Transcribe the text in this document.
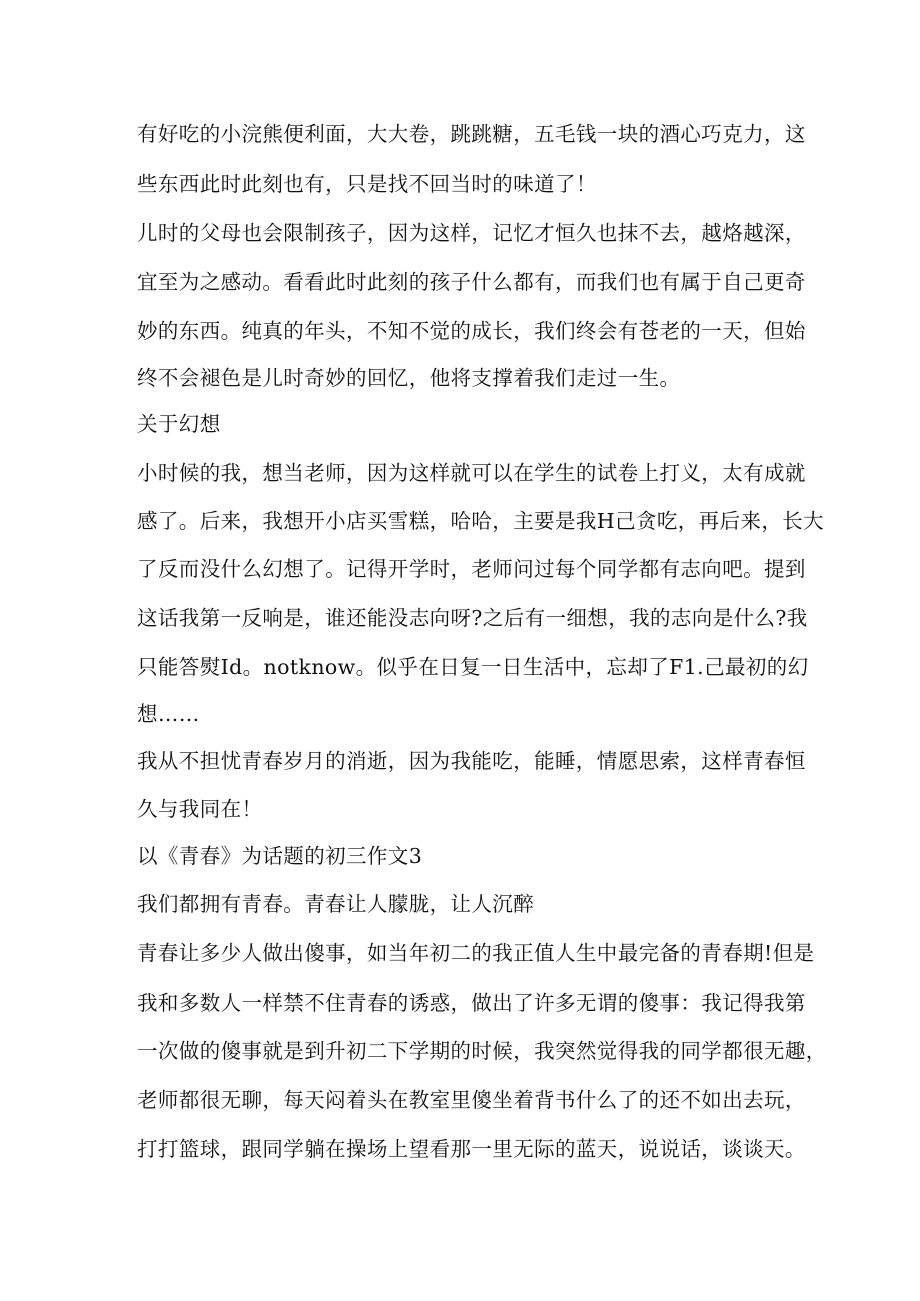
有好吃的小浣熊便利面，大大卷，跳跳糖，五毛钱一块的酒心巧克力，这
些东西此时此刻也有，只是找不回当时的味道了！
儿时的父母也会限制孩子，因为这样，记忆才恒久也抹不去，越烙越深，
宜至为之感动。看看此时此刻的孩子什么都有，而我们也有属于自己更奇
妙的东西。纯真的年头，不知不觉的成长，我们终会有苍老的一天，但始
终不会褪色是儿时奇妙的回忆，他将支撑着我们走过一生。
关于幻想
小时候的我，想当老师，因为这样就可以在学生的试卷上打义，太有成就
感了。后来，我想开小店买雪糕，哈哈，主要是我H己贪吃，再后来，长大
了反而没什么幻想了。记得开学时，老师问过每个同学都有志向吧。提到
这话我第一反响是，谁还能没志向呀?之后有一细想，我的志向是什么?我
只能答熨Id。notknow。似乎在日复一日生活中，忘却了F1.己最初的幻
想……
我从不担忧青春岁月的消逝，因为我能吃，能睡，情愿思索，这样青春恒
久与我同在！
以《青春》为话题的初三作文3
我们都拥有青春。青春让人朦胧，让人沉醉
青春让多少人做出傻事，如当年初二的我正值人生中最完备的青春期!但是
我和多数人一样禁不住青春的诱惑，做出了许多无谓的傻事：我记得我第
一次做的傻事就是到升初二下学期的时候，我突然觉得我的同学都很无趣，
老师都很无聊，每天闷着头在教室里傻坐着背书什么了的还不如出去玩，
打打篮球，跟同学躺在操场上望看那一里无际的蓝天，说说话，谈谈天。
